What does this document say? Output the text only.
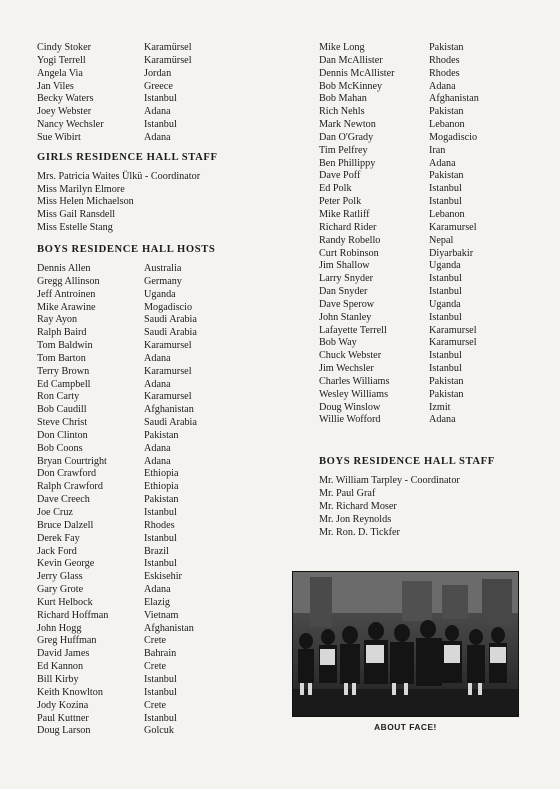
Cindy Stoker	Karamürsel
Yogi Terrell	Karamürsel
Angela Via	Jordan
Jan Viles	Greece
Becky Waters	Istanbul
Joey Webster	Adana
Nancy Wechsler	Istanbul
Sue Wibirt	Adana
GIRLS RESIDENCE HALL STAFF
Mrs. Patricia Waites Ülkü - Coordinator
Miss Marilyn Elmore
Miss Helen Michaelson
Miss Gail Ransdell
Miss Estelle Stang
BOYS RESIDENCE HALL HOSTS
Dennis Allen	Australia
Gregg Allinson	Germany
Jeff Antroinen	Uganda
Mike Arawine	Mogadiscio
Ray Ayon	Saudi Arabia
Ralph Baird	Saudi Arabia
Tom Baldwin	Karamursel
Tom Barton	Adana
Terry Brown	Karamursel
Ed Campbell	Adana
Ron Carty	Karamursel
Bob Caudill	Afghanistan
Steve Christ	Saudi Arabia
Don Clinton	Pakistan
Bob Coons	Adana
Bryan Courtright	Adana
Don Crawford	Ethiopia
Ralph Crawford	Ethiopia
Dave Creech	Pakistan
Joe Cruz	Istanbul
Bruce Dalzell	Rhodes
Derek Fay	Istanbul
Jack Ford	Brazil
Kevin George	Istanbul
Jerry Glass	Eskisehir
Gary Grote	Adana
Kurt Helbock	Elazig
Richard Hoffman	Vietnam
John Hogg	Afghanistan
Greg Huffman	Crete
David James	Bahrain
Ed Kannon	Crete
Bill Kirby	Istanbul
Keith Knowlton	Istanbul
Jody Kozina	Crete
Paul Kuttner	Istanbul
Doug Larson	Golcuk
Mike Long	Pakistan
Dan McAllister	Rhodes
Dennis McAllister	Rhodes
Bob McKinney	Adana
Bob Mahan	Afghanistan
Rich Nehls	Pakistan
Mark Newton	Lebanon
Dan O'Grady	Mogadiscio
Tim Pelfrey	Iran
Ben Phillippy	Adana
Dave Poff	Pakistan
Ed Polk	Istanbul
Peter Polk	Istanbul
Mike Ratliff	Lebanon
Richard Rider	Karamursel
Randy Robello	Nepal
Curt Robinson	Diyarbakir
Jim Shallow	Uganda
Larry Snyder	Istanbul
Dan Snyder	Istanbul
Dave Sperow	Uganda
John Stanley	Istanbul
Lafayette Terrell	Karamursel
Bob Way	Karamursel
Chuck Webster	Istanbul
Jim Wechsler	Istanbul
Charles Williams	Pakistan
Wesley Williams	Pakistan
Doug Winslow	Izmit
Willie Wofford	Adana
BOYS RESIDENCE HALL STAFF
Mr. William Tarpley - Coordinator
Mr. Paul Graf
Mr. Richard Moser
Mr. Jon Reynolds
Mr. Ron. D. Tickfer
ABOUT FACE!
